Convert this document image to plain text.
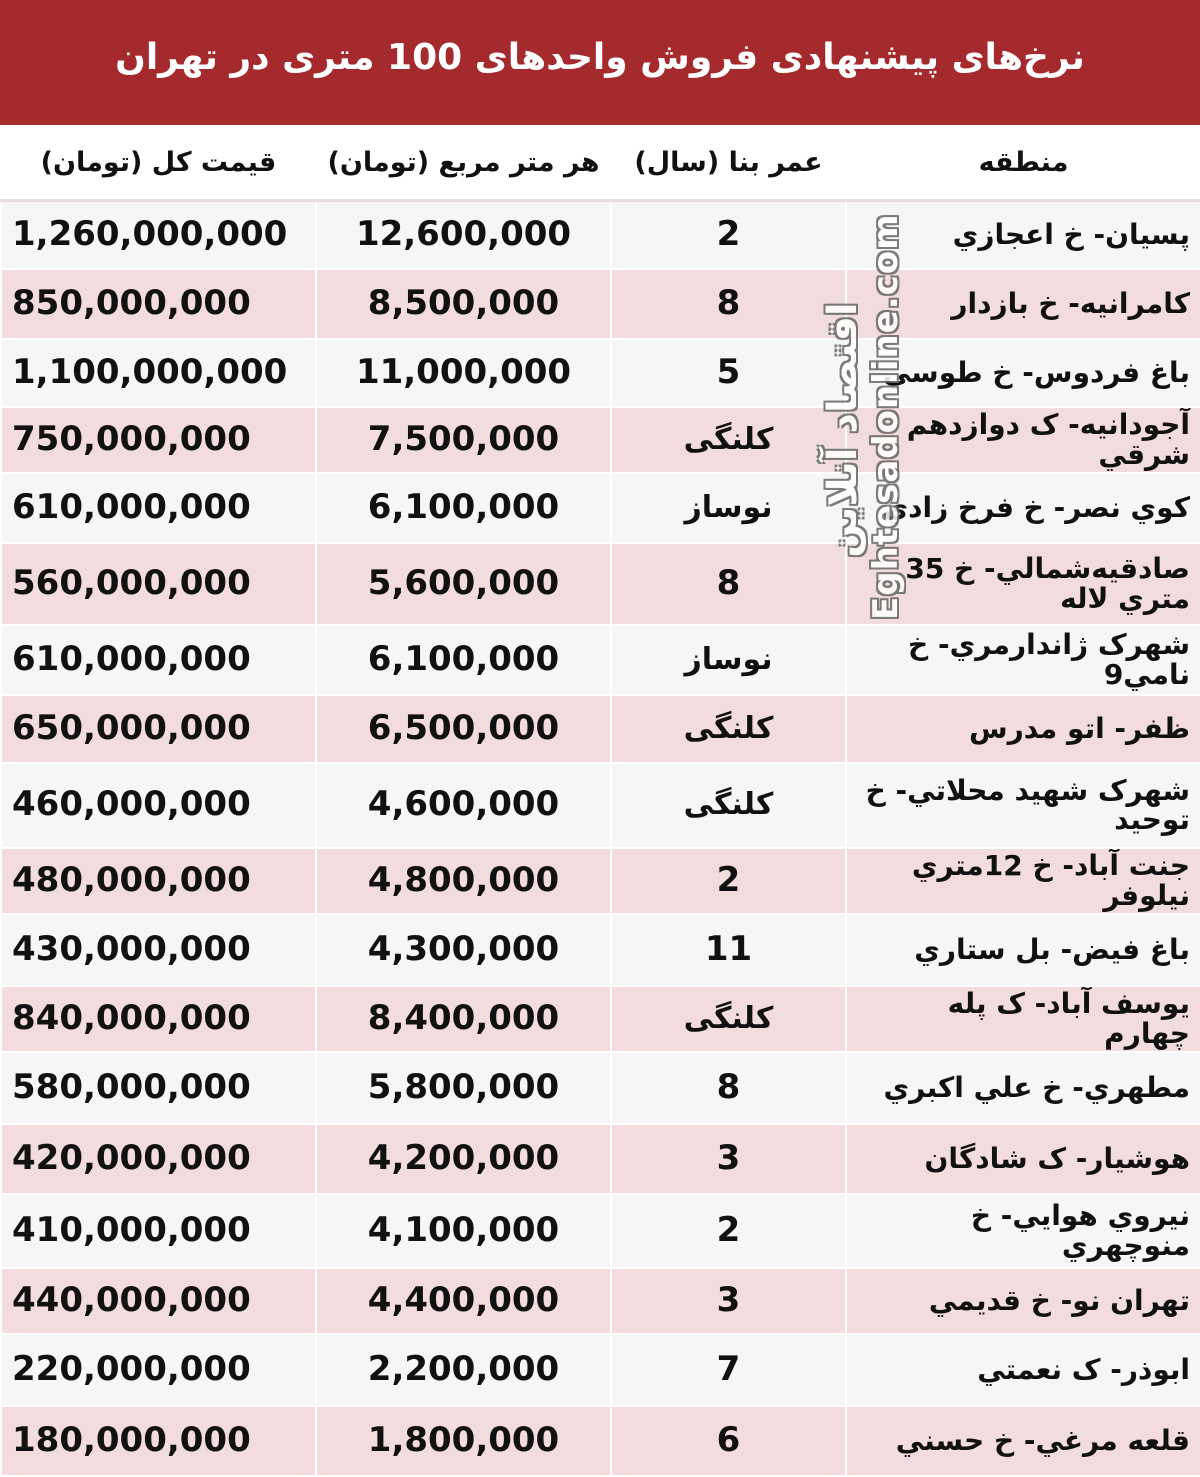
نرخ‌های پیشنهادی فروش واحدهای 100 متری در تهران
منطقه	عمر بنا (سال)	هر متر مربع (تومان)	قیمت کل (تومان)
پسیان- خ اعجازي	2	12,600,000	1,260,000,000
کامرانیه- خ بازدار	8	8,500,000	850,000,000
باغ فردوس- خ طوسي	5	11,000,000	1,100,000,000
آجودانیه- ک دوازدهم شرقي	کلنگی	7,500,000	750,000,000
کوي نصر- خ فرخ زادي	نوساز	6,100,000	610,000,000
صادقیه‌شمالي- خ 35 متري لاله	8	5,600,000	560,000,000
شهرک ژاندارمري- خ نامي9	نوساز	6,100,000	610,000,000
ظفر- اتو مدرس	کلنگی	6,500,000	650,000,000
شهرک شهید محلاتي- خ توحید	کلنگی	4,600,000	460,000,000
جنت آباد- خ 12متري نیلوفر	2	4,800,000	480,000,000
باغ فیض- بل ستاري	11	4,300,000	430,000,000
یوسف آباد- ک پله چهارم	کلنگی	8,400,000	840,000,000
مطهري- خ علي اکبري	8	5,800,000	580,000,000
هوشیار- ک شادگان	3	4,200,000	420,000,000
نیروي هوایي- خ منوچهري	2	4,100,000	410,000,000
تهران نو- خ قدیمي	3	4,400,000	440,000,000
ابوذر- ک نعمتي	7	2,200,000	220,000,000
قلعه مرغي- خ حسني	6	1,800,000	180,000,000
اقتصاد آنلاین Eghtesadonline.com
